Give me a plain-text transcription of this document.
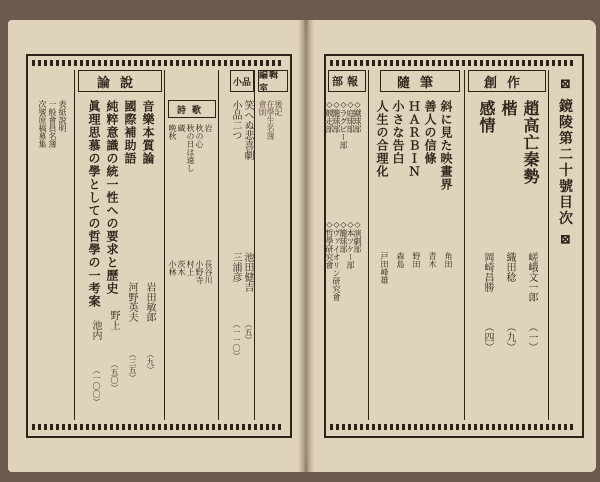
⊠ 鏡陵第二十號目次 ⊠
創作
趙高亡秦勢
嵯峨文一郎
（一）
楷
織田稔
（九）
感情
岡崎昌勝
（四）
隨筆
斜に見た映畫界
角田
善人の信條
青木
ＨＡＲＢＩＮ
野田
小さな告白
森島
人生の合理化
戸田峰雄
部報
◇蹴球部
◇演劇部
◇庭球部
◇本ツケー部
◇ラグビー部
◇籠球部
◇籠球部
◇ヴァイオリン研究會
◇競走部
◇哲學研究會
編輯室
後記
在學生名簿
會則
小品
笑へぬ悲喜劇
池田健吉
（五）
小品二つ
三浦彦
（一一〇）
詩歌
岩
長谷川
秋の心
小野寺
秋の日は遠し
村上
蔵
茨木
晩秋
小林
論說
音樂本質論
岩田敏郎
（九）
國際補助語
河野英夫
（三五）
純粹意識の統一性への要求と歷史
野上
（五〇）
眞理思慕の學としての哲學の一考案
池内
（一〇〇）
表紙說明
一般會員名簿
次號原稿募集
